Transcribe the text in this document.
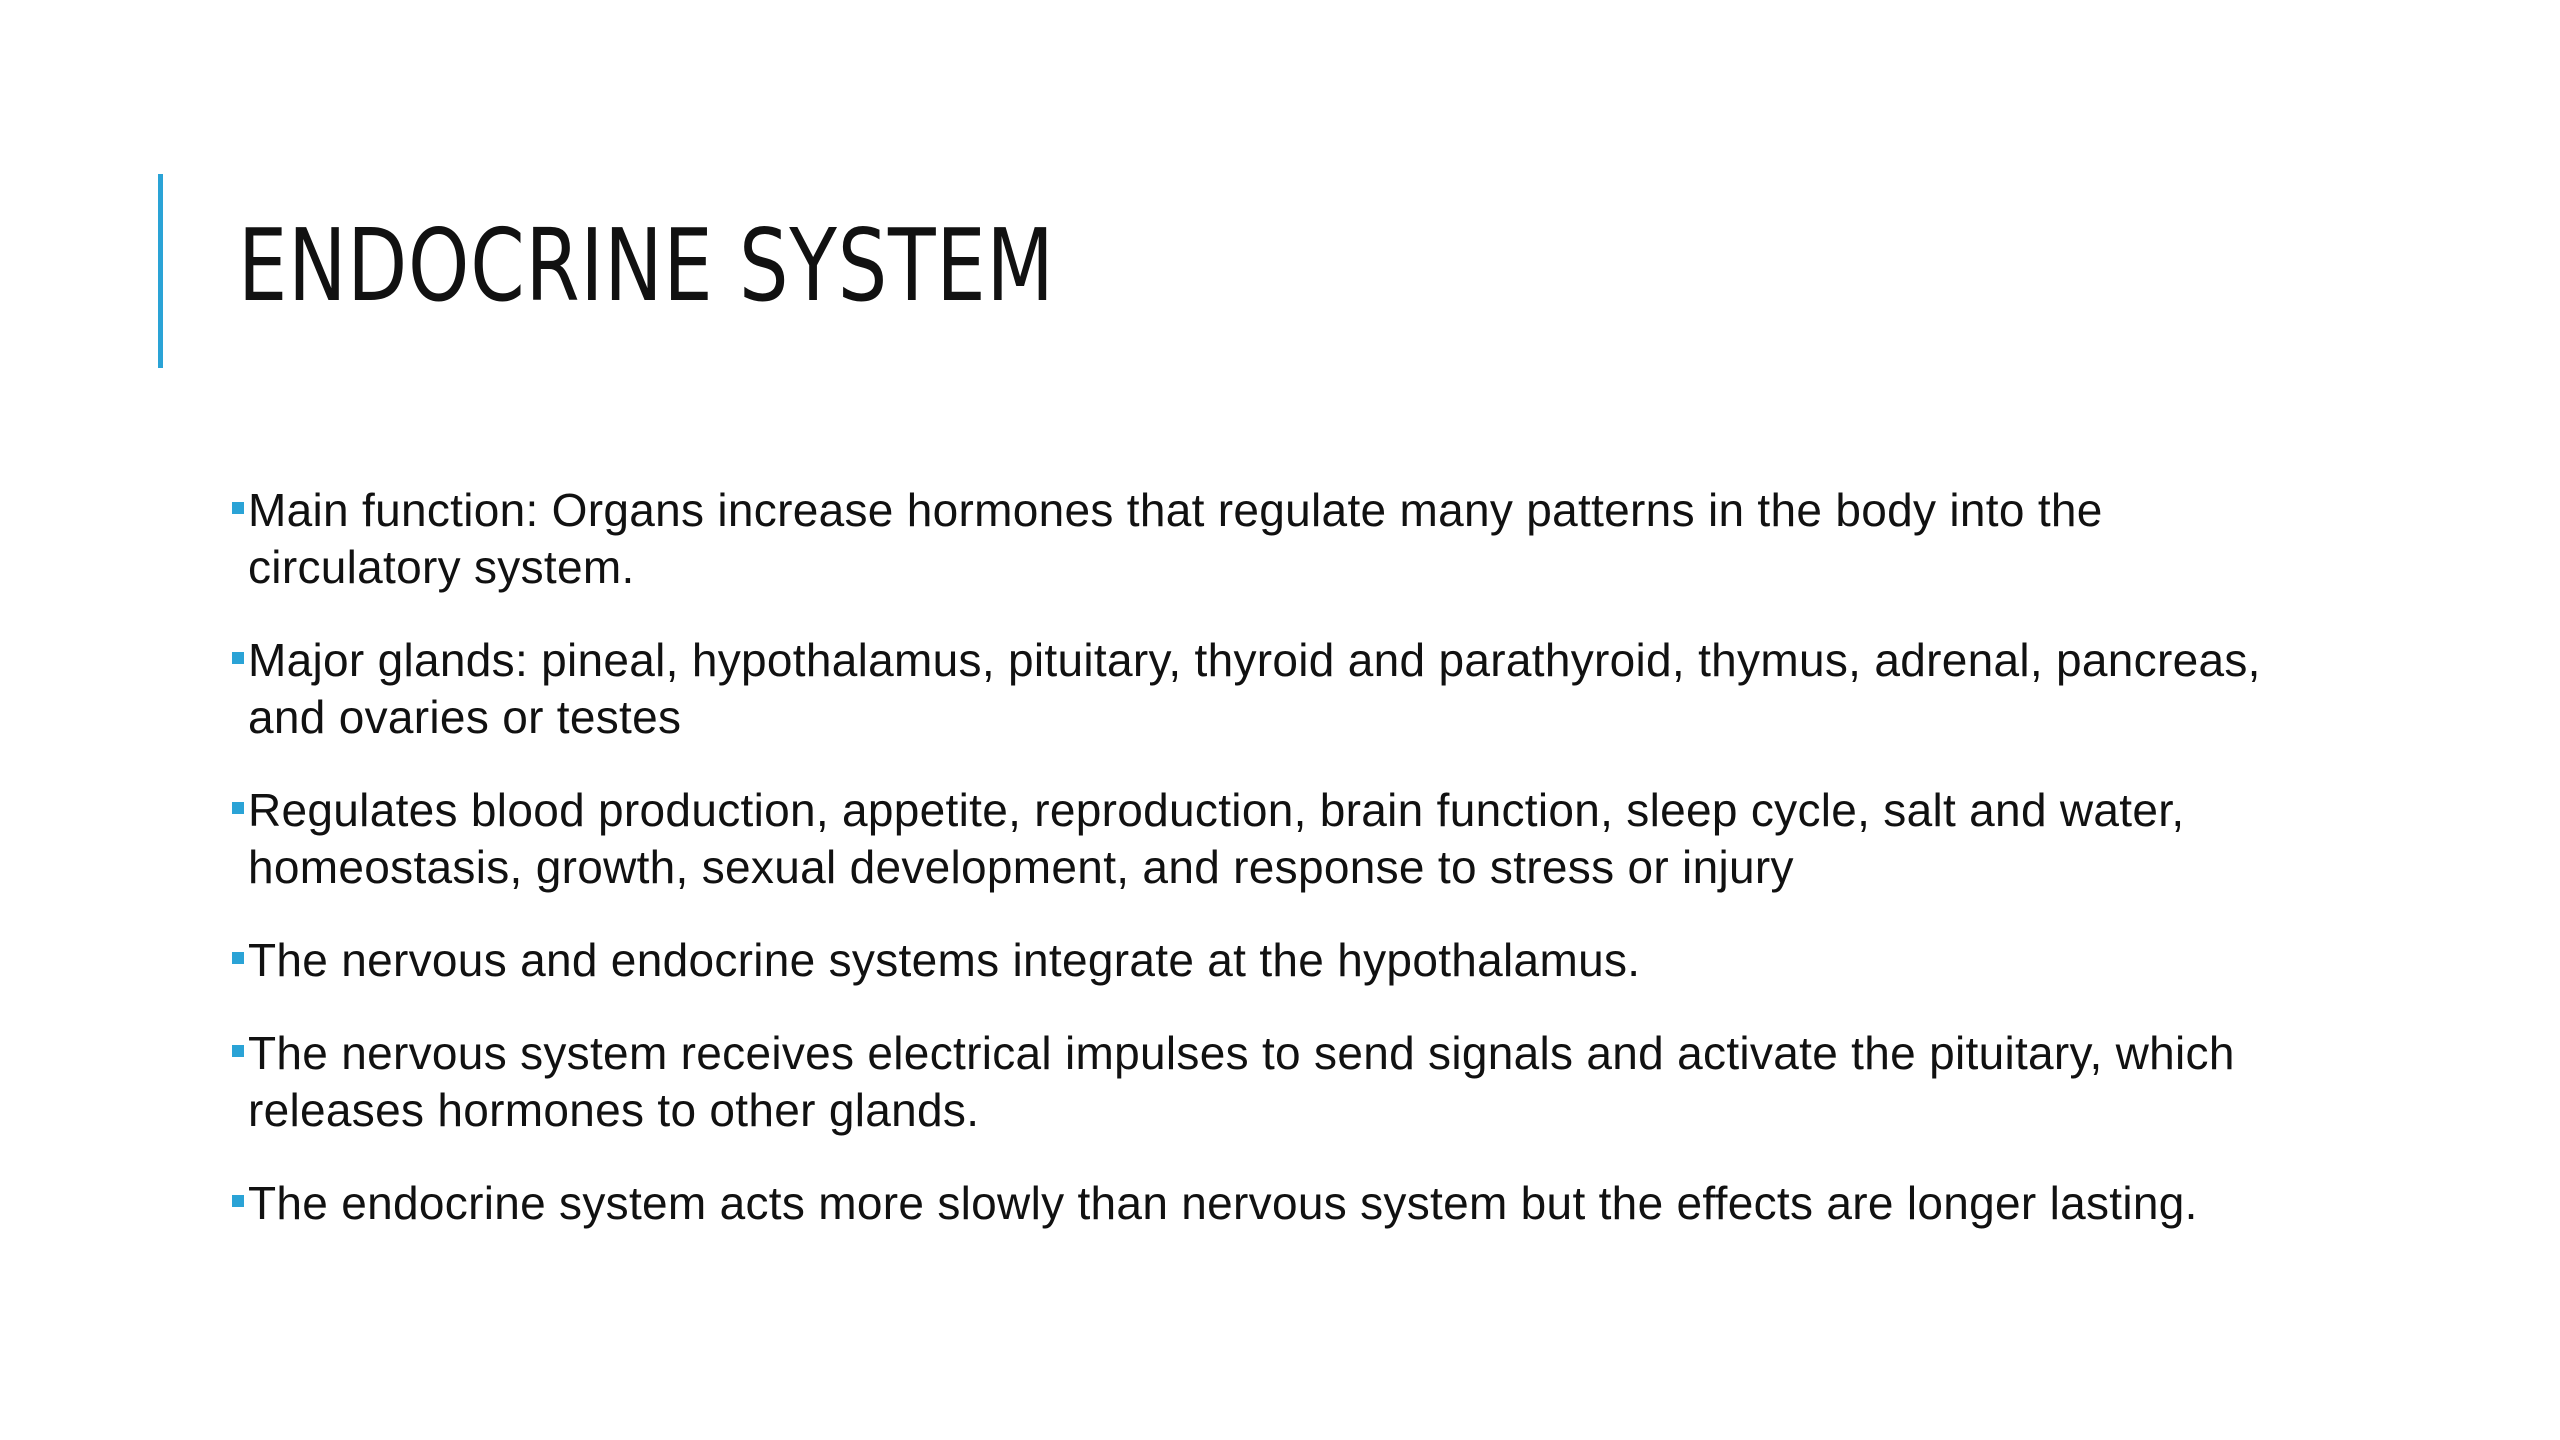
ENDOCRINE SYSTEM
Main function: Organs increase hormones that regulate many patterns in the body into the circulatory system.
Major glands: pineal, hypothalamus, pituitary, thyroid and parathyroid, thymus, adrenal, pancreas, and ovaries or testes
Regulates blood production, appetite, reproduction, brain function, sleep cycle, salt and water, homeostasis, growth, sexual development, and response to stress or injury
The nervous and endocrine systems integrate at the hypothalamus.
The nervous system receives electrical impulses to send signals and activate the pituitary, which releases hormones to other glands.
The endocrine system acts more slowly than nervous system but the effects are longer lasting.
